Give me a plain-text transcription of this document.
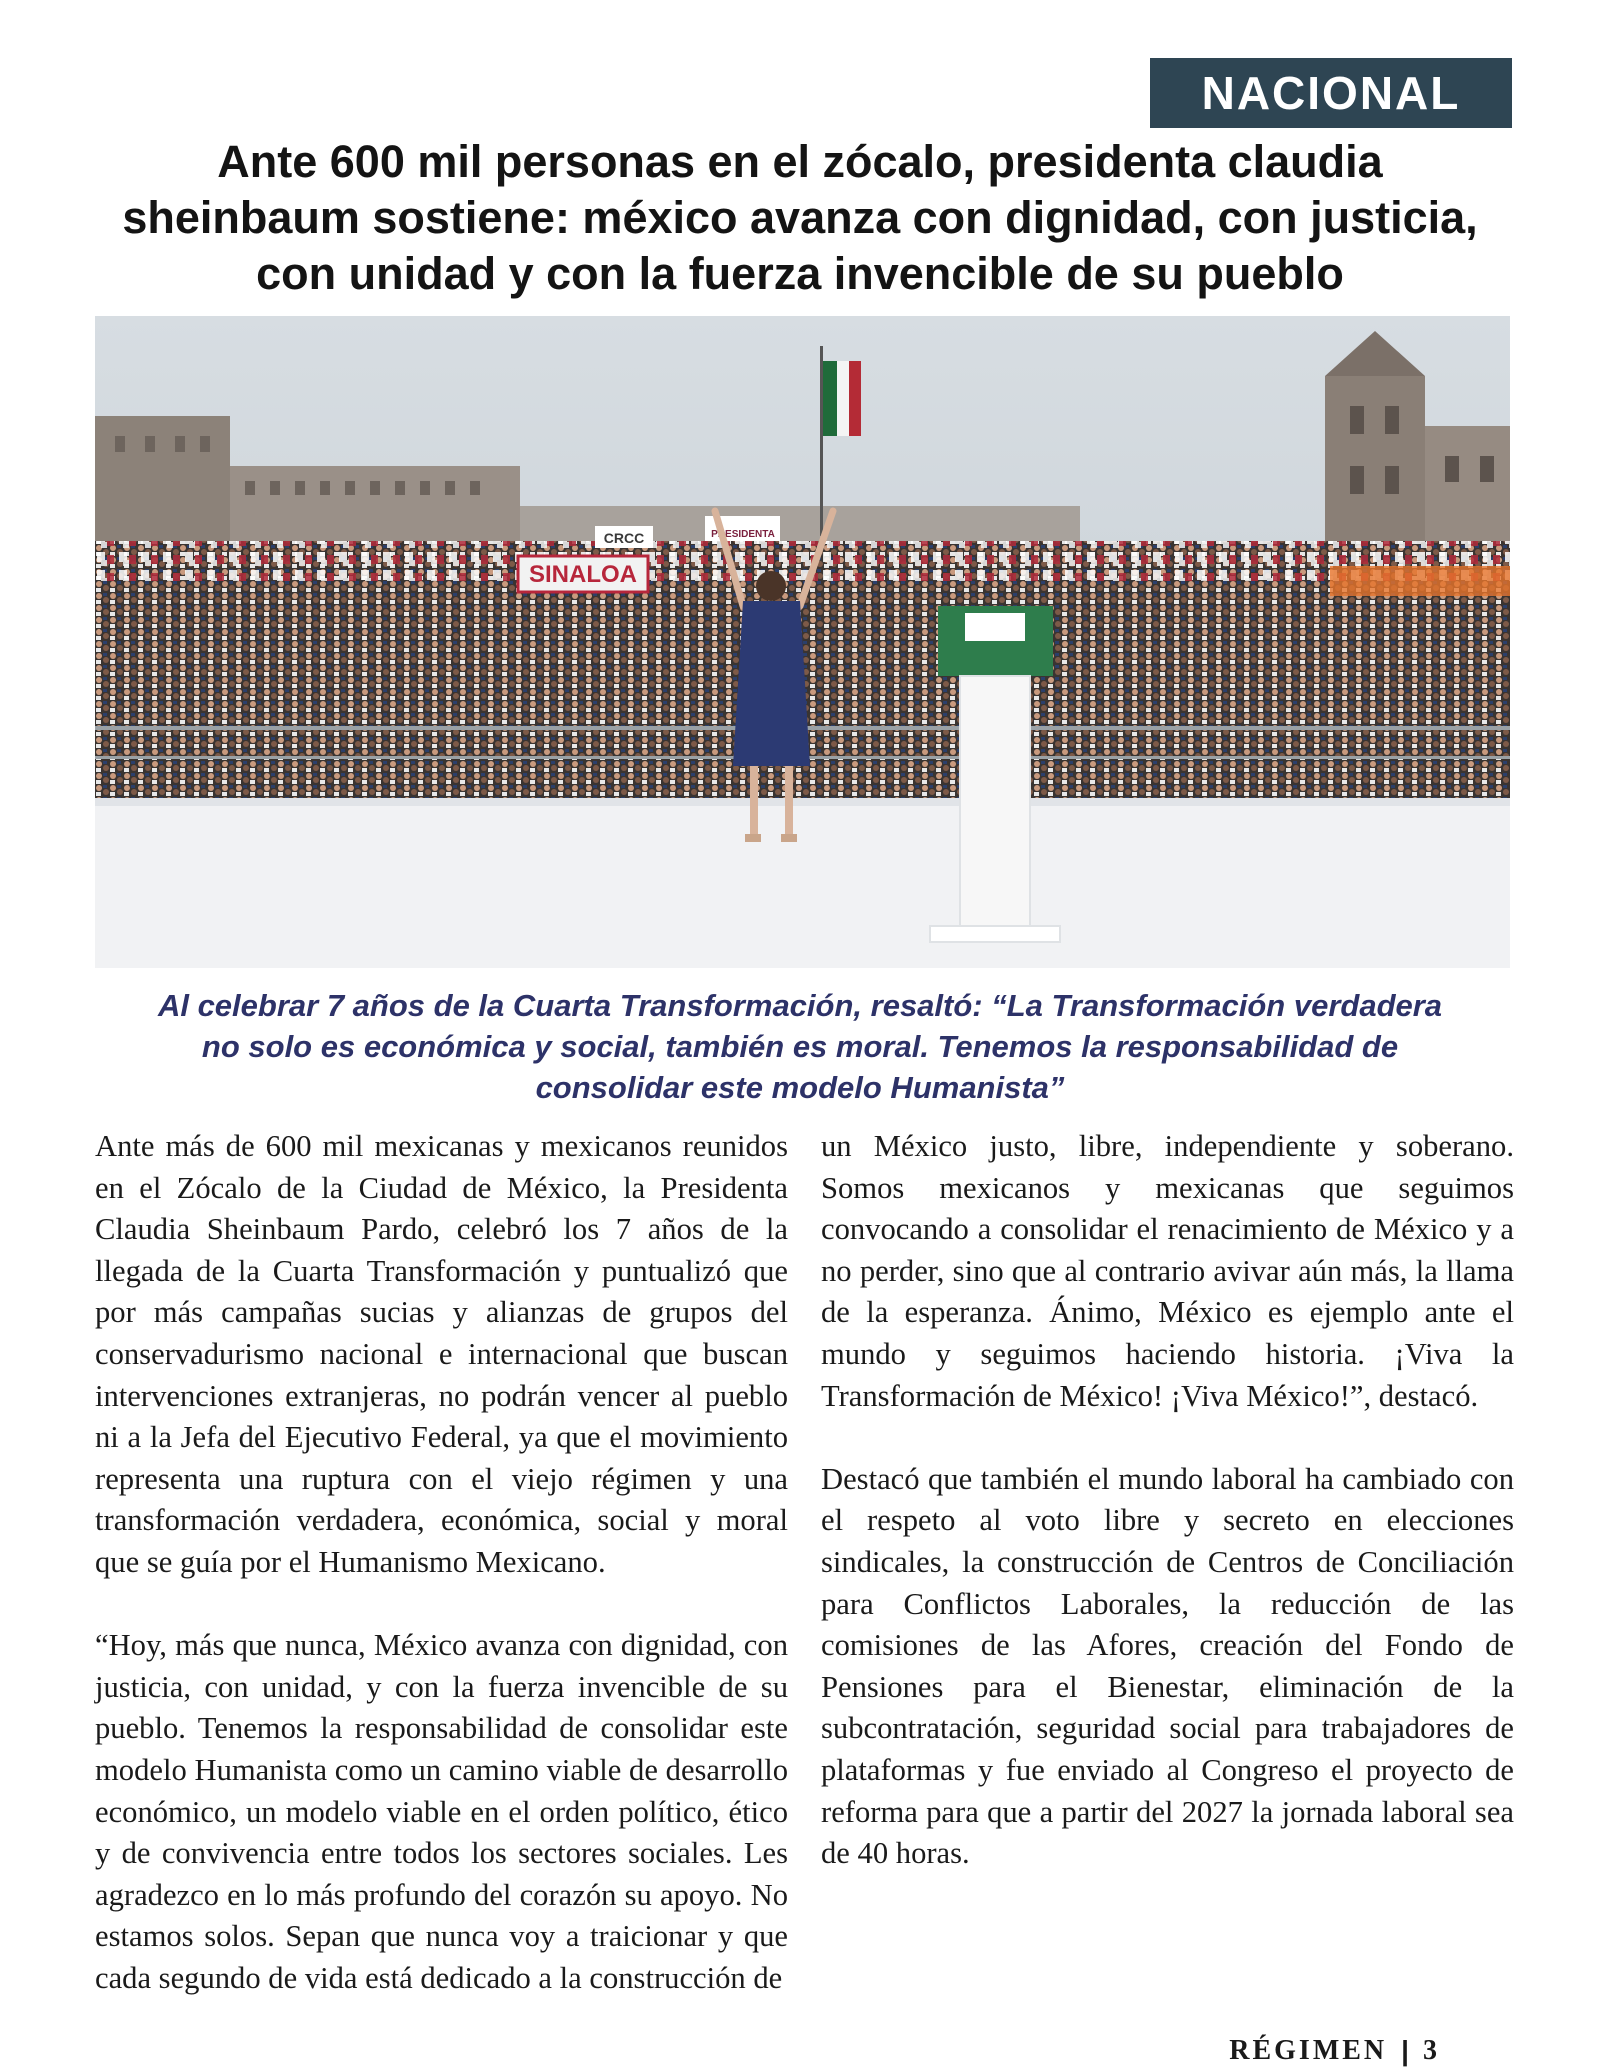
NACIONAL
Ante 600 mil personas en el zócalo, presidenta claudia sheinbaum sostiene: méxico avanza con dignidad, con justicia, con unidad y con la fuerza invencible de su pueblo
SINALOA
CRCC	PRESIDENTA

Al celebrar 7 años de la Cuarta Transformación, resaltó: “La Transformación verdadera no solo es económica y social, también es moral. Tenemos la responsabilidad de consolidar este modelo Humanista”

Ante más de 600 mil mexicanas y mexicanos reunidos en el Zócalo de la Ciudad de México, la Presidenta Claudia Sheinbaum Pardo, celebró los 7 años de la llegada de la Cuarta Transformación y puntualizó que por más campañas sucias y alianzas de grupos del conservadurismo nacional e internacional que buscan intervenciones extranjeras, no podrán vencer al pueblo ni a la Jefa del Ejecutivo Federal, ya que el movimiento representa una ruptura con el viejo régimen y una transformación verdadera, económica, social y moral que se guía por el Humanismo Mexicano.

“Hoy, más que nunca, México avanza con dignidad, con justicia, con unidad, y con la fuerza invencible de su pueblo. Tenemos la responsabilidad de consolidar este modelo Humanista como un camino viable de desarrollo económico, un modelo viable en el orden político, ético y de convivencia entre todos los sectores sociales. Les agradezco en lo más profundo del corazón su apoyo. No estamos solos. Sepan que nunca voy a traicionar y que cada segundo de vida está dedicado a la construcción de

un México justo, libre, independiente y soberano. Somos mexicanos y mexicanas que seguimos convocando a consolidar el renacimiento de México y a no perder, sino que al contrario avivar aún más, la llama de la esperanza. Ánimo, México es ejemplo ante el mundo y seguimos haciendo historia. ¡Viva la Transformación de México! ¡Viva México!”, destacó.

Destacó que también el mundo laboral ha cambiado con el respeto al voto libre y secreto en elecciones sindicales, la construcción de Centros de Conciliación para Conflictos Laborales, la reducción de las comisiones de las Afores, creación del Fondo de Pensiones para el Bienestar, eliminación de la subcontratación, seguridad social para trabajadores de plataformas y fue enviado al Congreso el proyecto de reforma para que a partir del 2027 la jornada laboral sea de 40 horas.

RÉGIMEN | 3
